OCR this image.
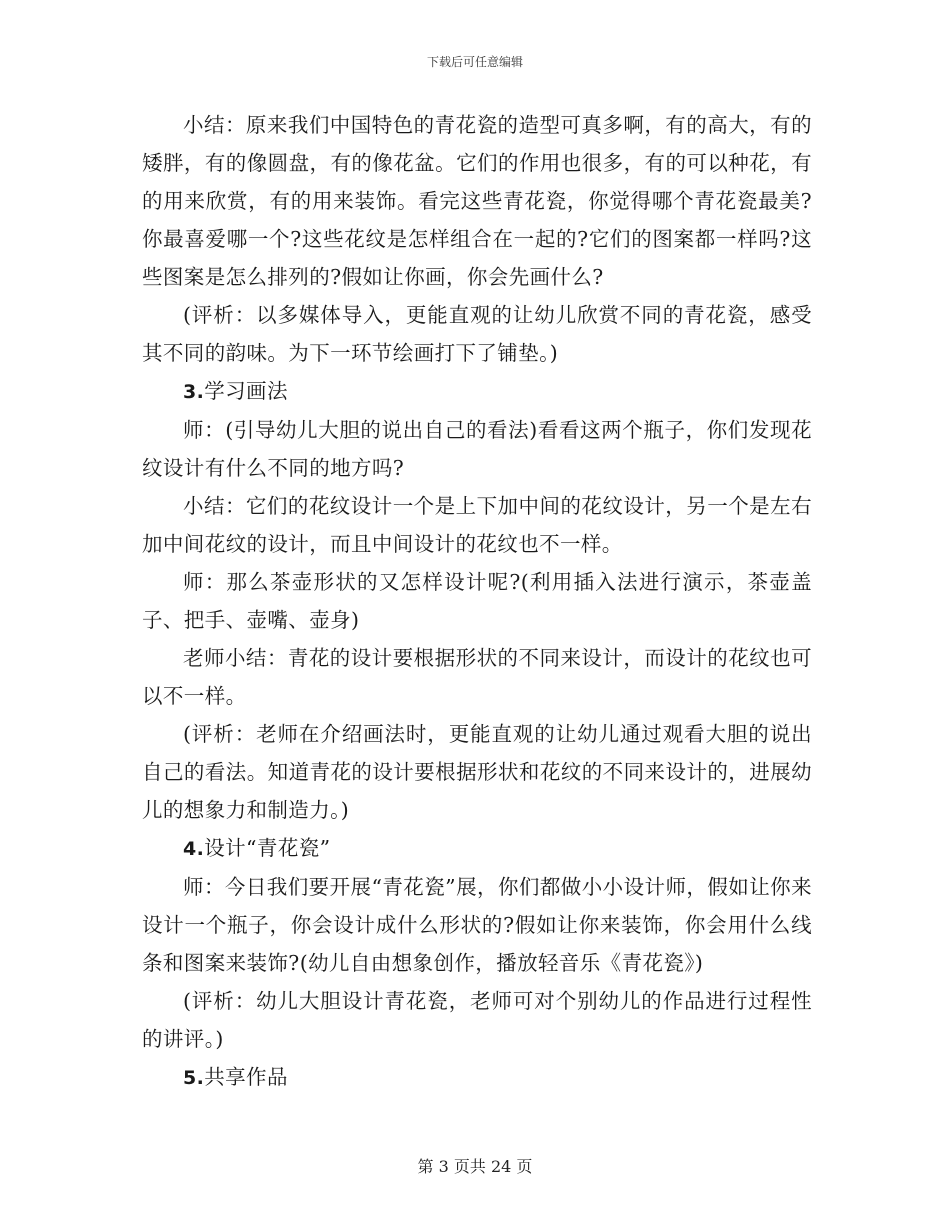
下载后可任意编辑

小结：原来我们中国特色的青花瓷的造型可真多啊，有的高大，有的矮胖，有的像圆盘，有的像花盆。它们的作用也很多，有的可以种花，有的用来欣赏，有的用来装饰。看完这些青花瓷，你觉得哪个青花瓷最美?你最喜爱哪一个?这些花纹是怎样组合在一起的?它们的图案都一样吗?这些图案是怎么排列的?假如让你画，你会先画什么?

(评析：以多媒体导入，更能直观的让幼儿欣赏不同的青花瓷，感受其不同的韵味。为下一环节绘画打下了铺垫。)

3.学习画法

师：(引导幼儿大胆的说出自己的看法)看看这两个瓶子，你们发现花纹设计有什么不同的地方吗?

小结：它们的花纹设计一个是上下加中间的花纹设计，另一个是左右加中间花纹的设计，而且中间设计的花纹也不一样。

师：那么茶壶形状的又怎样设计呢?(利用插入法进行演示，茶壶盖子、把手、壶嘴、壶身)

老师小结：青花的设计要根据形状的不同来设计，而设计的花纹也可以不一样。

(评析：老师在介绍画法时，更能直观的让幼儿通过观看大胆的说出自己的看法。知道青花的设计要根据形状和花纹的不同来设计的，进展幼儿的想象力和制造力。)

4.设计“青花瓷”

师：今日我们要开展“青花瓷”展，你们都做小小设计师，假如让你来设计一个瓶子，你会设计成什么形状的?假如让你来装饰，你会用什么线条和图案来装饰?(幼儿自由想象创作，播放轻音乐《青花瓷》)

(评析：幼儿大胆设计青花瓷，老师可对个别幼儿的作品进行过程性的讲评。)

5.共享作品

第 3 页共 24 页
